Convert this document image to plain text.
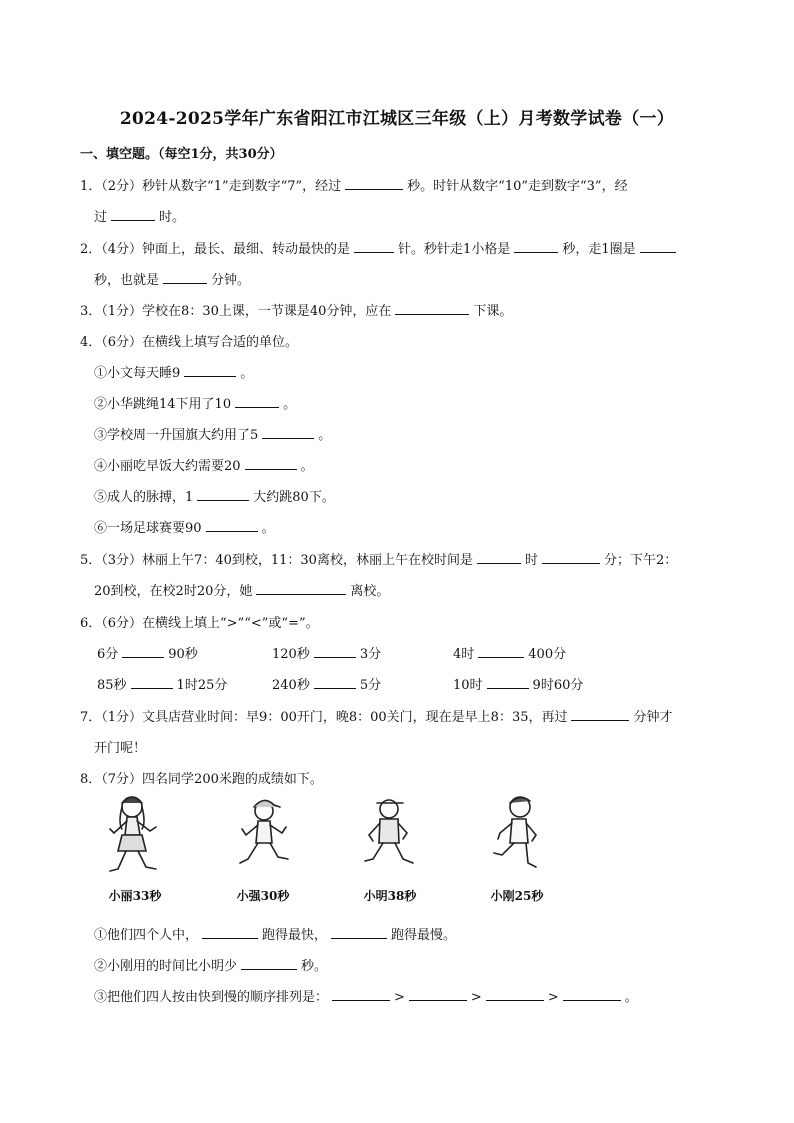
2024-2025学年广东省阳江市江城区三年级（上）月考数学试卷（一）
一、填空题。（每空1分，共30分）
1．（2分）秒针从数字“1”走到数字“7”，经过	秒。时针从数字“10”走到数字“3”，经
过	时。
2．（4分）钟面上，最长、最细、转动最快的是	针。秒针走1小格是	秒，走1圈是
秒，也就是	分钟。
3．（1分）学校在8：30上课，一节课是40分钟，应在	下课。
4．（6分）在横线上填写合适的单位。
①小文每天睡9	。
②小华跳绳14下用了10	。
③学校周一升国旗大约用了5	。
④小丽吃早饭大约需要20	。
⑤成人的脉搏，1	大约跳80下。
⑥一场足球赛要90	。
5．（3分）林丽上午7：40到校，11：30离校，林丽上午在校时间是	时	分；下午2：
20到校，在校2时20分，她	离校。
6．（6分）在横线上填上“>”“<”或“=”。
6分	90秒	120秒	3分	4时	400分
85秒	1时25分	240秒	5分	10时	9时60分
7．（1分）文具店营业时间：早9：00开门，晚8：00关门，现在是早上8：35，再过	分钟才
开门呢！
8．（7分）四名同学200米跑的成绩如下。
小丽33秒	小强30秒	小明38秒	小刚25秒
①他们四个人中，	跑得最快，	跑得最慢。
②小刚用的时间比小明少	秒。
③把他们四人按由快到慢的顺序排列是：	>	>	>	。
